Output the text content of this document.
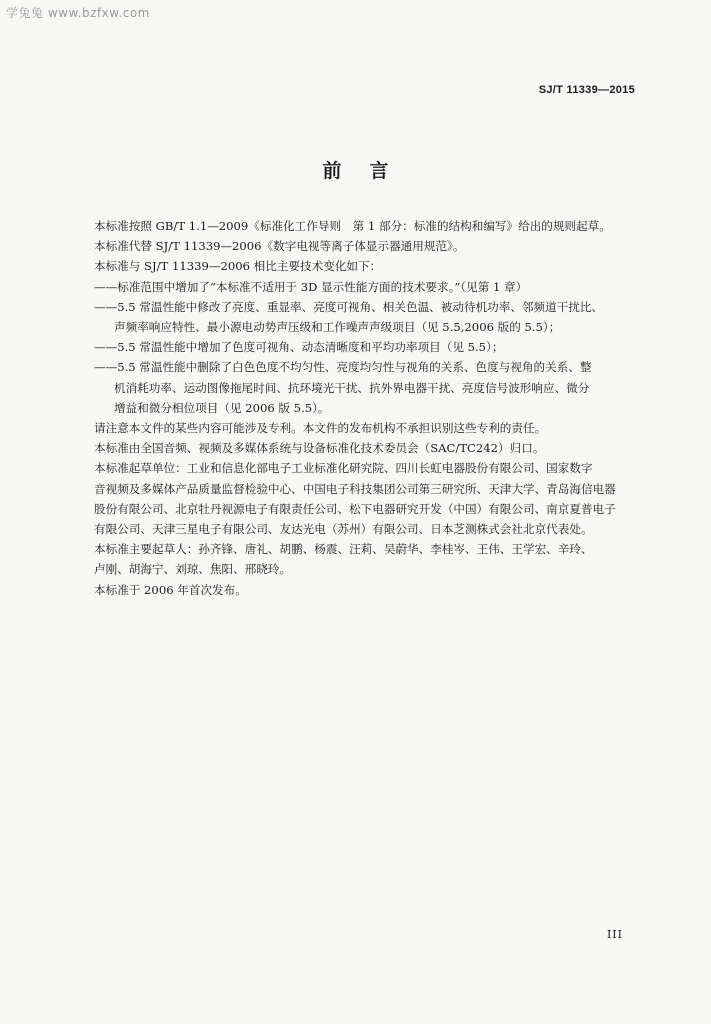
学兔兔 www.bzfxw.com
SJ/T 11339—2015
前言

本标准按照 GB/T 1.1—2009《标准化工作导则　第 1 部分：标准的结构和编写》给出的规则起草。

本标准代替 SJ/T 11339—2006《数字电视等离子体显示器通用规范》。

本标准与 SJ/T 11339—2006 相比主要技术变化如下：

——标准范围中增加了“本标准不适用于 3D 显示性能方面的技术要求。”（见第 1 章）

——5.5 常温性能中修改了亮度、重显率、亮度可视角、相关色温、被动待机功率、邻频道干扰比、

声频率响应特性、最小源电动势声压级和工作噪声声级项目（见 5.5,2006 版的 5.5）；

——5.5 常温性能中增加了色度可视角、动态清晰度和平均功率项目（见 5.5）；

——5.5 常温性能中删除了白色色度不均匀性、亮度均匀性与视角的关系、色度与视角的关系、整

机消耗功率、运动图像拖尾时间、抗环境光干扰、抗外界电器干扰、亮度信号波形响应、微分

增益和微分相位项目（见 2006 版 5.5）。

请注意本文件的某些内容可能涉及专利。本文件的发布机构不承担识别这些专利的责任。

本标准由全国音频、视频及多媒体系统与设备标准化技术委员会（SAC/TC242）归口。

本标准起草单位：工业和信息化部电子工业标准化研究院、四川长虹电器股份有限公司、国家数字

音视频及多媒体产品质量监督检验中心、中国电子科技集团公司第三研究所、天津大学、青岛海信电器

股份有限公司、北京牡丹视源电子有限责任公司、松下电器研究开发（中国）有限公司、南京夏普电子

有限公司、天津三星电子有限公司、友达光电（苏州）有限公司、日本芝测株式会社北京代表处。

本标准主要起草人：孙齐锋、唐礼、胡鹏、杨震、汪莉、吴蔚华、李桂岑、王伟、王学宏、辛玲、

卢刚、胡海宁、刘琼、焦阳、邢晓玲。

本标准于 2006 年首次发布。

III
